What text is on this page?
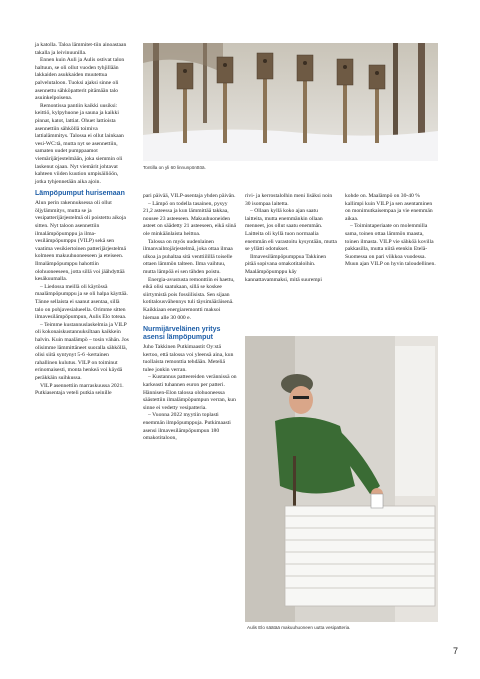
ja katolla. Taloa lämmitet-tiin ainoastaan takalla ja leivinuunilla.

Ennen kuin Auli ja Aulis ostivat talon haltuun, se oli ollut vuoden tyhjillään lakkaiden asukkaiden muutettua palvelutaloon. Tuoksi ajaksi sinne oli asennettu sähköpatterit pitämään talo asuinkelpoisena.

Remontissa pantiin kaikki uusiksi: keittiö, kylpyhuone ja sauna ja kaikki pinnat, katot, lattiat. Ohuet lattioista asennettiin sähköllä toimiva lattialämmitys. Talossa ei ollut lainkaan vesi-WC:tä, mutta nyt se asennettiin, samaten uudet pumppaamot viemärijärjestelmään, joka siemmin oli laskenut ojaan. Nyt viemärit johtavat kahteen viiden kuution umpisäiliöön, jotka tyhjennetään aika ajoin.

Lämpöpumput hurisemaan

Alun perin rakennuksessa oli ollut öljylämmitys, mutta se ja vesipatterijärjestelmä oli poistettu aikoja sitten. Nyt taloon asennettiin ilmalämpöpumppu ja ilma-vesilämpöpumppu (VILP) sekä sen vaatima vesikiertoinen patterijärjestelmä kolmeen makuuhuoneeseen ja eteiseen. Ilmalämpöpumppu hahottiin olohuoneeseen, jotta sillä voi jäähdyttää kesäkuumalla.

– Liedossa meillä oli käytössä maalämpöpumppu ja se oli halpa käyttää. Tänne sellaista ei saanut asentaa, sillä talo on pohjavesialueella. Orimme sitten ilmavesilämpöpumpun, Aulis Elo toteaa.

– Teimme kustannuslaskelmia ja VILP oli kokonaiskustannuksiltaan kaikkein halvin. Kuin maalämpö – tosin vähän. Jos olisimme lämmittäneet suoralla sähköllä, olisi siitä syntynyt 5-6 -kertainen rahallinen kulutus. VILP on toiminut erinomaisesti, monta henkeä voi käydä peräkkäin suihkussa.

VILP asennettiin marraskuussa 2021. Putkiasentaja veteli putkia seinille

Tontilla on yli 60 linnunpönttöä.

pari päivää, VILP-asentaja yhden päivän.

– Lämpö on todella tasainen, pysyy 21,2 asteessa ja kun lämmittää takkaa, nousee 23 asteeseen. Makuuhuoneiden asteet on säädetty 21 asteeseen, eikä siinä ole minkäänlaista heittoa.

Talossa on myös uudenlainen ilmanvaihtojärjestelmä, joka ottaa ilmaa ulkoa ja puhaltaa sitä venttiilillä toiselle ottaen lämmön talteen. Ilma vaihtuu, mutta lämpöä ei sen tähden poistu.

Energia-avustusta remonttiin ei haettu, eikä olisi saatukaan, sillä se koskee siirtymistä pois fossiilisista. Sen sijaan kotitalousvähennys tuli täysimääräisenä. Kaikkiaan energiaremontti maksoi hieman alle 30 000 e.

Nurmijärveläinen yritys asensi lämpöpumput

Juho Takkinen Putkimaastit Oy:stä kertoo, että talossa voi yleensä aina, kun tuollaista remonttia tehdään. Meteliä tulee jonkin verran.

– Kustannus patteereiden verännissä on karkeasti tuhannen euron per patteri. Hännisen-Elon talossa olohuoneessa säästettiin ilmalämpöpumpun verran, kun sinne ei vedetty vesipatteria.

– Vuonna 2022 myytiin toplasti enemmän ilmpöpumppuja. Putkimaasti asensi ilmavesilämpöpumpun 180 omakotitaloon,

rivi- ja kerrostalolhin meni lisäksi noin 30 isompaa laitetta.

– Ollaan kyllä koko ajan saatu laitteita, mutta enemmänkin ollaan menneet, jos ollut saatu enemmän. Laitteita oli kyllä tuon normaalia enemmän eli varastoitu kysyntään, mutta se yllätti odotukset.

Ilmavesilämpöpumppua Takkinen pitää sopivana omakotitaloihin. Maalämpöpumppu käy kannattavammaksi, mitä suurempi

kohde on. Maalämpö on 30-40 % kallimpi kuin VILP ja sen asentaminen on monimutkaisempaa ja vie enemmän aikaa.

– Toimintaperiaate on molemmilla sama, toinen ottaa lämmön maasta, toinen ilmasta. VILP vie sähköä kovilla pakkasilla, mutta niitä etenkin Etelä-Suomessa on pari viikkoa vuodessa. Muun ajan VILP on hyvin taloudellinen.

Aulis Elo säätää makuuhuoneen uutta vesipatteria.
7
